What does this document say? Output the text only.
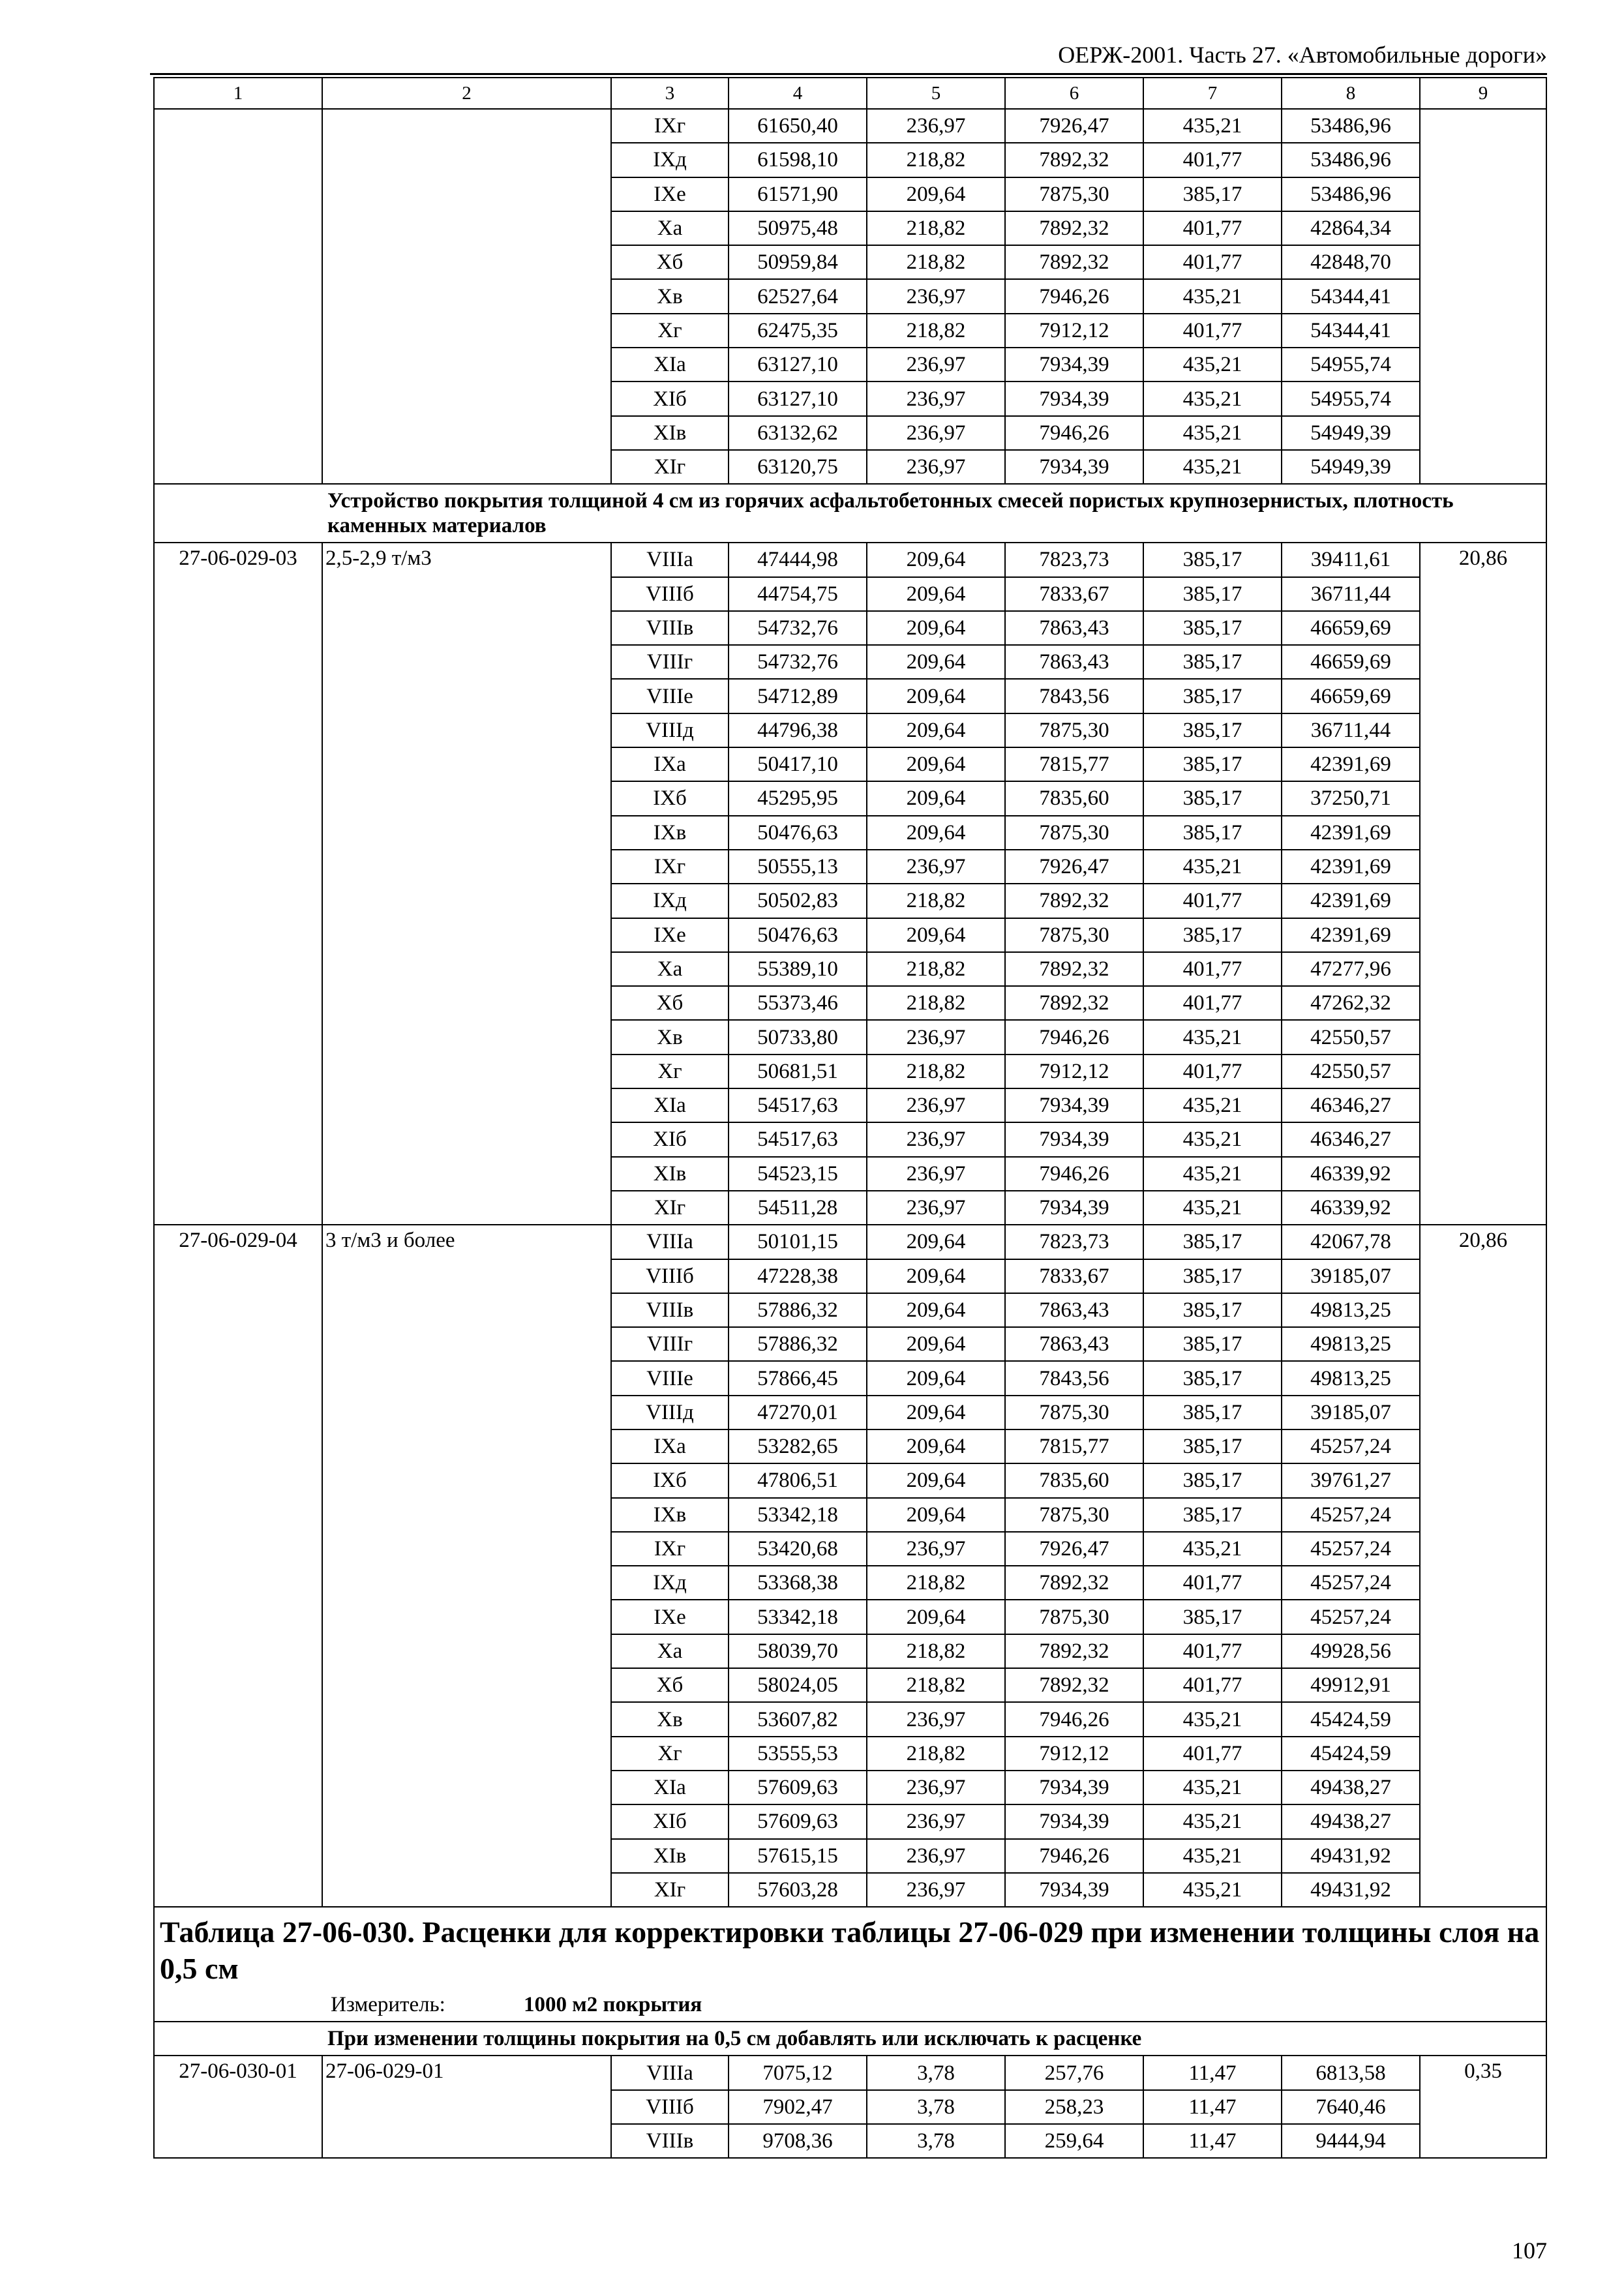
ОЕРЖ-2001. Часть 27. «Автомобильные дороги»
1	2	3	4	5	6	7	8	9
		IXг	61650,40	236,97	7926,47	435,21	53486,96	
		IXд	61598,10	218,82	7892,32	401,77	53486,96	
		IXе	61571,90	209,64	7875,30	385,17	53486,96	
		Xа	50975,48	218,82	7892,32	401,77	42864,34	
		Xб	50959,84	218,82	7892,32	401,77	42848,70	
		Xв	62527,64	236,97	7946,26	435,21	54344,41	
		Xг	62475,35	218,82	7912,12	401,77	54344,41	
		XIа	63127,10	236,97	7934,39	435,21	54955,74	
		XIб	63127,10	236,97	7934,39	435,21	54955,74	
		XIв	63132,62	236,97	7946,26	435,21	54949,39	
		XIг	63120,75	236,97	7934,39	435,21	54949,39	
	Устройство покрытия толщиной 4 см из горячих асфальтобетонных смесей пористых крупнозернистых, плотность каменных материалов							
27-06-029-03	2,5-2,9 т/м3	VIIIа	47444,98	209,64	7823,73	385,17	39411,61	20,86
		VIIIб	44754,75	209,64	7833,67	385,17	36711,44	
		VIIIв	54732,76	209,64	7863,43	385,17	46659,69	
		VIIIг	54732,76	209,64	7863,43	385,17	46659,69	
		VIIIе	54712,89	209,64	7843,56	385,17	46659,69	
		VIIIд	44796,38	209,64	7875,30	385,17	36711,44	
		IXа	50417,10	209,64	7815,77	385,17	42391,69	
		IXб	45295,95	209,64	7835,60	385,17	37250,71	
		IXв	50476,63	209,64	7875,30	385,17	42391,69	
		IXг	50555,13	236,97	7926,47	435,21	42391,69	
		IXд	50502,83	218,82	7892,32	401,77	42391,69	
		IXе	50476,63	209,64	7875,30	385,17	42391,69	
		Xа	55389,10	218,82	7892,32	401,77	47277,96	
		Xб	55373,46	218,82	7892,32	401,77	47262,32	
		Xв	50733,80	236,97	7946,26	435,21	42550,57	
		Xг	50681,51	218,82	7912,12	401,77	42550,57	
		XIа	54517,63	236,97	7934,39	435,21	46346,27	
		XIб	54517,63	236,97	7934,39	435,21	46346,27	
		XIв	54523,15	236,97	7946,26	435,21	46339,92	
		XIг	54511,28	236,97	7934,39	435,21	46339,92	
27-06-029-04	3 т/м3 и более	VIIIа	50101,15	209,64	7823,73	385,17	42067,78	20,86
		VIIIб	47228,38	209,64	7833,67	385,17	39185,07	
		VIIIв	57886,32	209,64	7863,43	385,17	49813,25	
		VIIIг	57886,32	209,64	7863,43	385,17	49813,25	
		VIIIе	57866,45	209,64	7843,56	385,17	49813,25	
		VIIIд	47270,01	209,64	7875,30	385,17	39185,07	
		IXа	53282,65	209,64	7815,77	385,17	45257,24	
		IXб	47806,51	209,64	7835,60	385,17	39761,27	
		IXв	53342,18	209,64	7875,30	385,17	45257,24	
		IXг	53420,68	236,97	7926,47	435,21	45257,24	
		IXд	53368,38	218,82	7892,32	401,77	45257,24	
		IXе	53342,18	209,64	7875,30	385,17	45257,24	
		Xа	58039,70	218,82	7892,32	401,77	49928,56	
		Xб	58024,05	218,82	7892,32	401,77	49912,91	
		Xв	53607,82	236,97	7946,26	435,21	45424,59	
		Xг	53555,53	218,82	7912,12	401,77	45424,59	
		XIа	57609,63	236,97	7934,39	435,21	49438,27	
		XIб	57609,63	236,97	7934,39	435,21	49438,27	
		XIв	57615,15	236,97	7946,26	435,21	49431,92	
		XIг	57603,28	236,97	7934,39	435,21	49431,92	
Таблица 27-06-030. Расценки для корректировки таблицы 27-06-029 при изменении толщины слоя на 0,5 см								
Измеритель: 1000 м2 покрытия								
	При изменении толщины покрытия на 0,5 см добавлять или исключать к расценке							
27-06-030-01	27-06-029-01	VIIIа	7075,12	3,78	257,76	11,47	6813,58	0,35
		VIIIб	7902,47	3,78	258,23	11,47	7640,46	
		VIIIв	9708,36	3,78	259,64	11,47	9444,94	
107
